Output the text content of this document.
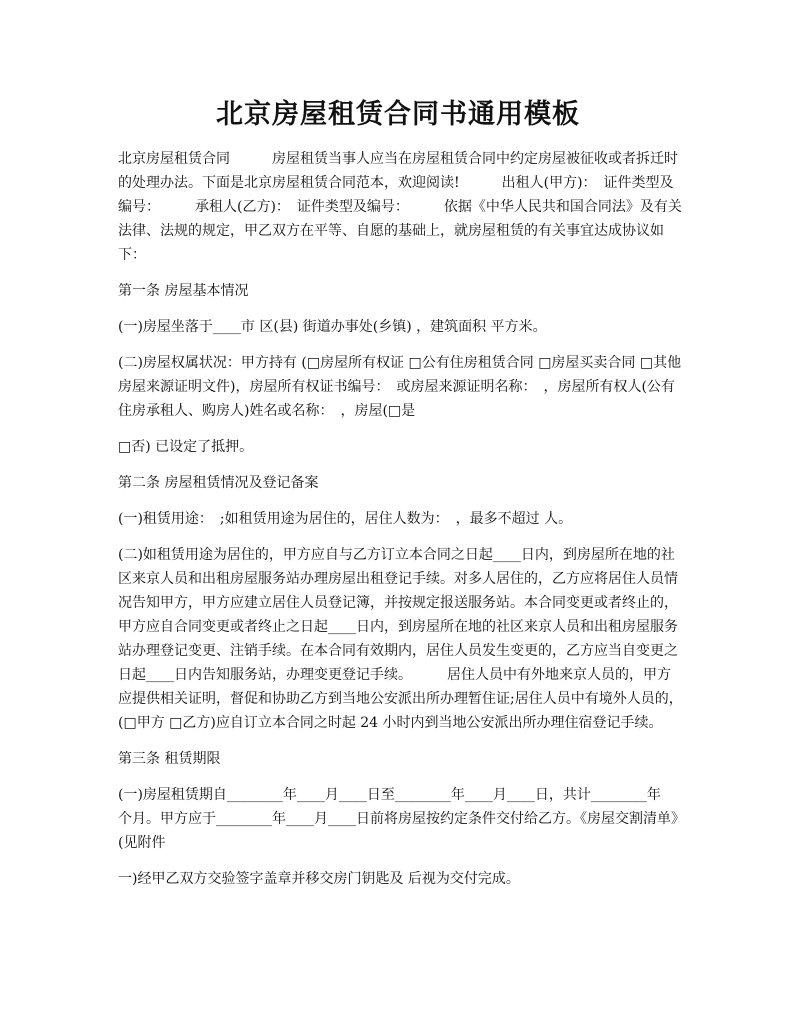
北京房屋租赁合同书通用模板

北京房屋租赁合同　　　房屋租赁当事人应当在房屋租赁合同中约定房屋被征收或者拆迁时的处理办法。下面是北京房屋租赁合同范本，欢迎阅读!　　　出租人(甲方)：　证件类型及编号：　　　承租人(乙方)：　证件类型及编号：　　　依据《中华人民共和国合同法》及有关法律、法规的规定，甲乙双方在平等、自愿的基础上，就房屋租赁的有关事宜达成协议如下：

第一条 房屋基本情况

(一)房屋坐落于____市 区(县) 街道办事处(乡镇) ，建筑面积 平方米。

(二)房屋权属状况：甲方持有 (□房屋所有权证 □公有住房租赁合同 □房屋买卖合同 □其他房屋来源证明文件)，房屋所有权证书编号：　或房屋来源证明名称：　，房屋所有权人(公有住房承租人、购房人)姓名或名称：　，房屋(□是

□否) 已设定了抵押。

第二条 房屋租赁情况及登记备案

(一)租赁用途：　;如租赁用途为居住的，居住人数为：　，最多不超过 人。

(二)如租赁用途为居住的，甲方应自与乙方订立本合同之日起____日内，到房屋所在地的社区来京人员和出租房屋服务站办理房屋出租登记手续。对多人居住的，乙方应将居住人员情况告知甲方，甲方应建立居住人员登记簿，并按规定报送服务站。本合同变更或者终止的，甲方应自合同变更或者终止之日起____日内，到房屋所在地的社区来京人员和出租房屋服务站办理登记变更、注销手续。在本合同有效期内，居住人员发生变更的，乙方应当自变更之日起____日内告知服务站，办理变更登记手续。　　　居住人员中有外地来京人员的，甲方应提供相关证明，督促和协助乙方到当地公安派出所办理暂住证;居住人员中有境外人员的，(□甲方 □乙方)应自订立本合同之时起 24 小时内到当地公安派出所办理住宿登记手续。

第三条 租赁期限

(一)房屋租赁期自________年____月____日至________年____月____日，共计________年　　个月。甲方应于________年____月____日前将房屋按约定条件交付给乙方。《房屋交割清单》(见附件

一)经甲乙双方交验签字盖章并移交房门钥匙及 后视为交付完成。
